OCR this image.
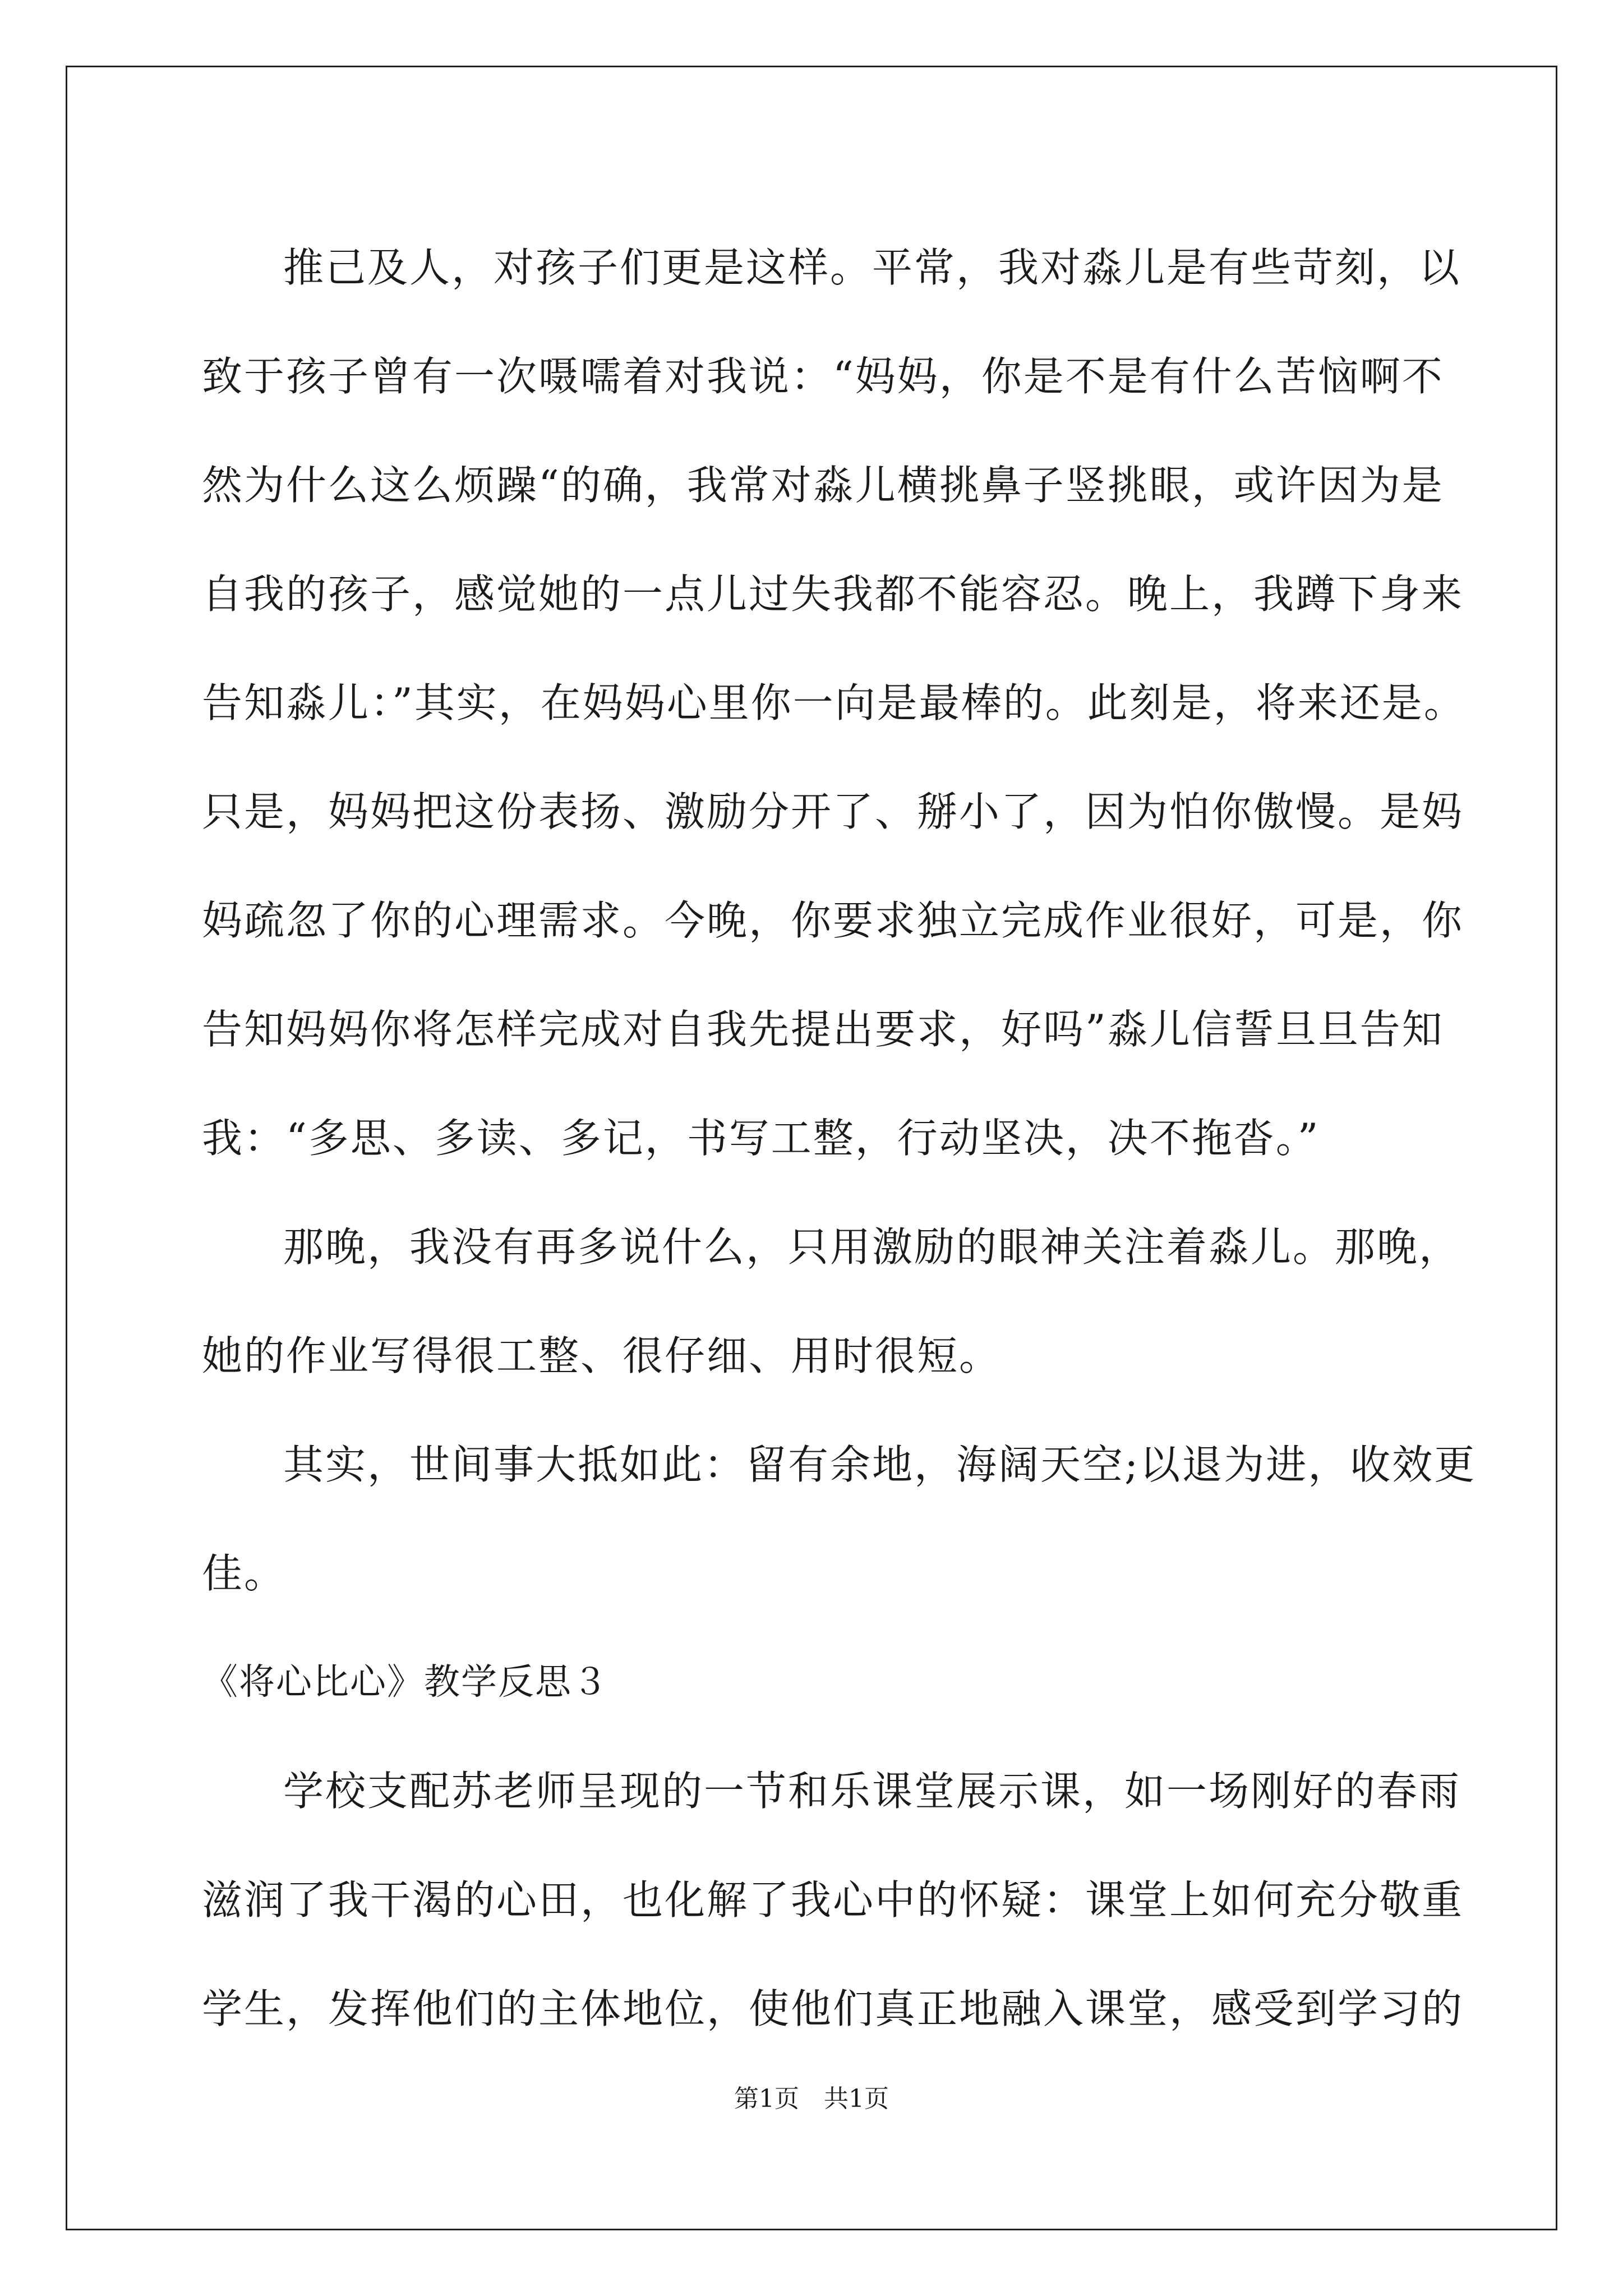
推己及人，对孩子们更是这样。平常，我对淼儿是有些苛刻，以
致于孩子曾有一次嗫嚅着对我说：“妈妈，你是不是有什么苦恼啊不
然为什么这么烦躁“的确，我常对淼儿横挑鼻子竖挑眼，或许因为是
自我的孩子，感觉她的一点儿过失我都不能容忍。晚上，我蹲下身来
告知淼儿：”其实，在妈妈心里你一向是最棒的。此刻是，将来还是。
只是，妈妈把这份表扬、激励分开了、掰小了，因为怕你傲慢。是妈
妈疏忽了你的心理需求。今晚，你要求独立完成作业很好，可是，你
告知妈妈你将怎样完成对自我先提出要求，好吗”淼儿信誓旦旦告知
我：“多思、多读、多记，书写工整，行动坚决，决不拖沓。”
那晚，我没有再多说什么，只用激励的眼神关注着淼儿。那晚，
她的作业写得很工整、很仔细、用时很短。
其实，世间事大抵如此：留有余地，海阔天空;以退为进，收效更
佳。
《将心比心》教学反思３
学校支配苏老师呈现的一节和乐课堂展示课，如一场刚好的春雨
滋润了我干渴的心田，也化解了我心中的怀疑：课堂上如何充分敬重
学生，发挥他们的主体地位，使他们真正地融入课堂，感受到学习的
第1页　共1页
